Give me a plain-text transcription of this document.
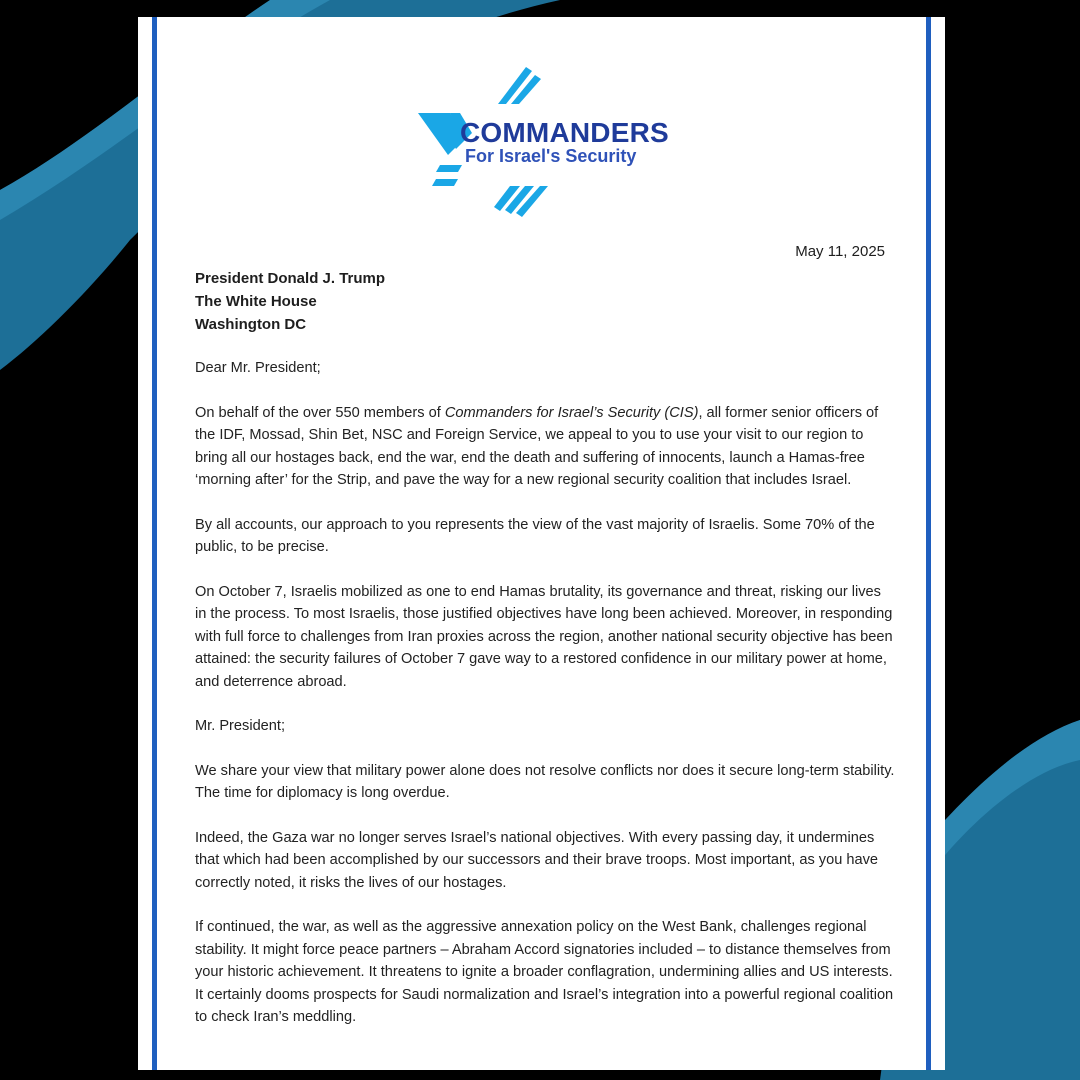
COMMANDERS
For Israel's Security
May 11, 2025
President Donald J. Trump
The White House
Washington DC

Dear Mr. President;

On behalf of the over 550 members of Commanders for Israel’s Security (CIS), all former senior officers of the IDF, Mossad, Shin Bet, NSC and Foreign Service, we appeal to you to use your visit to our region to bring all our hostages back, end the war, end the death and suffering of innocents, launch a Hamas-free ‘morning after’ for the Strip, and pave the way for a new regional security coalition that includes Israel.

By all accounts, our approach to you represents the view of the vast majority of Israelis. Some 70% of the public, to be precise.

On October 7, Israelis mobilized as one to end Hamas brutality, its governance and threat, risking our lives in the process. To most Israelis, those justified objectives have long been achieved. Moreover, in responding with full force to challenges from Iran proxies across the region, another national security objective has been attained: the security failures of October 7 gave way to a restored confidence in our military power at home, and deterrence abroad.

Mr. President;

We share your view that military power alone does not resolve conflicts nor does it secure long-term stability. The time for diplomacy is long overdue.

Indeed, the Gaza war no longer serves Israel’s national objectives. With every passing day, it undermines that which had been accomplished by our successors and their brave troops. Most important, as you have correctly noted, it risks the lives of our hostages.

If continued, the war, as well as the aggressive annexation policy on the West Bank, challenges regional stability. It might force peace partners – Abraham Accord signatories included – to distance themselves from your historic achievement. It threatens to ignite a broader conflagration, undermining allies and US interests. It certainly dooms prospects for Saudi normalization and Israel’s integration into a powerful regional coalition to check Iran’s meddling.
